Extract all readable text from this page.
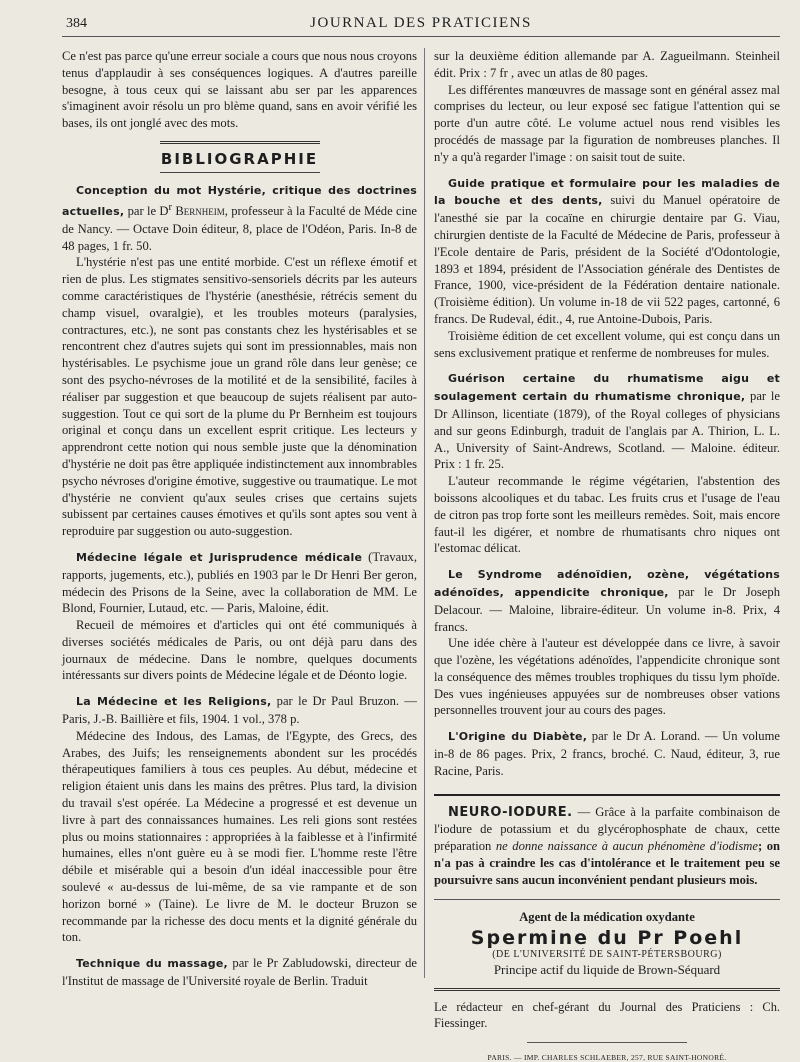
384	JOURNAL DES PRATICIENS

Ce n'est pas parce qu'une erreur sociale a cours que nous nous croyons tenus d'applaudir à ses conséquences logiques. A d'autres pareille besogne, à tous ceux qui se laissant abu ser par les apparences s'imaginent avoir résolu un pro blème quand, sans en avoir vérifié les bases, ils ont jonglé avec des mots.

BIBLIOGRAPHIE

Conception du mot Hystérie, critique des doctrines actuelles, par le $D^r$ Bernheim, professeur à la Faculté de Méde cine de Nancy. — Octave Doin éditeur, 8, place de l'Odéon, Paris. In-8 de 48 pages, 1 fr. 50.

L'hystérie n'est pas une entité morbide. C'est un réflexe émotif et rien de plus. Les stigmates sensitivo-sensoriels décrits par les auteurs comme caractéristiques de l'hystérie (anesthésie, rétrécis sement du champ visuel, ovaralgie), et les troubles moteurs (paralysies, contractures, etc.), ne sont pas constants chez les hystérisables et se rencontrent chez d'autres sujets qui sont im pressionnables, mais non hystérisables. Le psychisme joue un grand rôle dans leur genèse; ce sont des psycho-névroses de la motilité et de la sensibilité, faciles à réaliser par suggestion et que beaucoup de sujets réalisent par auto-suggestion. Tout ce qui sort de la plume du Pr Bernheim est toujours original et conçu dans un excellent esprit critique. Les lecteurs y apprendront cette notion qui nous semble juste que la dénomination d'hystérie ne doit pas être appliquée indistinctement aux innombrables psycho névroses d'origine émotive, suggestive ou traumatique. Le mot d'hystérie ne convient qu'aux seules crises que certains sujets subissent par certaines causes émotives et qu'ils sont aptes sou vent à reproduire par suggestion ou auto-suggestion.

Médecine légale et Jurisprudence médicale (Travaux, rapports, jugements, etc.), publiés en 1903 par le Dr Henri Ber geron, médecin des Prisons de la Seine, avec la collaboration de MM. Le Blond, Fournier, Lutaud, etc. — Paris, Maloine, édit.

Recueil de mémoires et d'articles qui ont été communiqués à diverses sociétés médicales de Paris, ou ont déjà paru dans des journaux de médecine. Dans le nombre, quelques documents intéressants sur divers points de Médecine légale et de Déonto logie.

La Médecine et les Religions, par le Dr Paul Bruzon. — Paris, J.-B. Baillière et fils, 1904. 1 vol., 378 p.

Médecine des Indous, des Lamas, de l'Egypte, des Grecs, des Arabes, des Juifs; les renseignements abondent sur les procédés thérapeutiques familiers à tous ces peuples. Au début, médecine et religion étaient unis dans les mains des prêtres. Plus tard, la division du travail s'est opérée. La Médecine a progressé et est devenue un livre à part des connaissances humaines. Les reli gions sont restées plus ou moins stationnaires : appropriées à la faiblesse et à l'infirmité humaines, elles n'ont guère eu à se modi fier. L'homme reste l'être débile et misérable qui a besoin d'un idéal inaccessible pour être soulevé « au-dessus de lui-même, de sa vie rampante et de son horizon borné » (Taine). Le livre de M. le docteur Bruzon se recommande par la richesse des docu ments et la dignité générale du ton.

Technique du massage, par le Pr Zabludowski, directeur de l'Institut de massage de l'Université royale de Berlin. Traduit

sur la deuxième édition allemande par A. Zagueilmann. Steinheil édit. Prix : 7 fr , avec un atlas de 80 pages.

Les différentes manœuvres de massage sont en général assez mal comprises du lecteur, ou leur exposé sec fatigue l'attention qui se porte d'un autre côté. Le volume actuel nous rend visibles les procédés de massage par la figuration de nombreuses planches. Il n'y a qu'à regarder l'image : on saisit tout de suite.

Guide pratique et formulaire pour les maladies de la bouche et des dents, suivi du Manuel opératoire de l'anesthé sie par la cocaïne en chirurgie dentaire par G. Viau, chirurgien dentiste de la Faculté de Médecine de Paris, professeur à l'Ecole dentaire de Paris, président de la Société d'Odontologie, 1893 et 1894, président de l'Association générale des Dentistes de France, 1900, vice-président de la Fédération dentaire nationale. (Troisième édition). Un volume in-18 de vii 522 pages, cartonné, 6 francs. De Rudeval, édit., 4, rue Antoine-Dubois, Paris.

Troisième édition de cet excellent volume, qui est conçu dans un sens exclusivement pratique et renferme de nombreuses for mules.

Guérison certaine du rhumatisme aigu et soulagement certain du rhumatisme chronique, par le Dr Allinson, licentiate (1879), of the Royal colleges of physicians and sur geons Edinburgh, traduit de l'anglais par A. Thirion, L. L. A., University of Saint-Andrews, Scotland. — Maloine. éditeur. Prix : 1 fr. 25.

L'auteur recommande le régime végétarien, l'abstention des boissons alcooliques et du tabac. Les fruits crus et l'usage de l'eau de citron pas trop forte sont les meilleurs remèdes. Soit, mais encore faut-il les digérer, et nombre de rhumatisants chro niques ont l'estomac délicat.

Le Syndrome adénoïdien, ozène, végétations adénoïdes, appendicite chronique, par le Dr Joseph Delacour. — Maloine, libraire-éditeur. Un volume in-8. Prix, 4 francs.

Une idée chère à l'auteur est développée dans ce livre, à savoir que l'ozène, les végétations adénoïdes, l'appendicite chronique sont la conséquence des mêmes troubles trophiques du tissu lym phoïde. Des vues ingénieuses appuyées sur de nombreuses obser vations personnelles trouvent jour au cours des pages.

L'Origine du Diabète, par le Dr A. Lorand. — Un volume in-8 de 86 pages. Prix, 2 francs, broché. C. Naud, éditeur, 3, rue Racine, Paris.

NEURO-IODURE. — Grâce à la parfaite combinaison de l'iodure de potassium et du glycérophosphate de chaux, cette préparation ne donne naissance à aucun phénomène d'iodisme; on n'a pas à craindre les cas d'intolérance et le traitement peu se poursuivre sans aucun inconvénient pendant plusieurs mois.

Agent de la médication oxydante
Spermine du Pr Poehl
(DE L'UNIVERSITÉ DE SAINT-PÉTERSBOURG)
Principe actif du liquide de Brown-Séquard

Le rédacteur en chef-gérant du Journal des Praticiens : Ch. Fiessinger.

PARIS. — IMP. CHARLES SCHLAEBER, 257, RUE SAINT-HONORÉ.
